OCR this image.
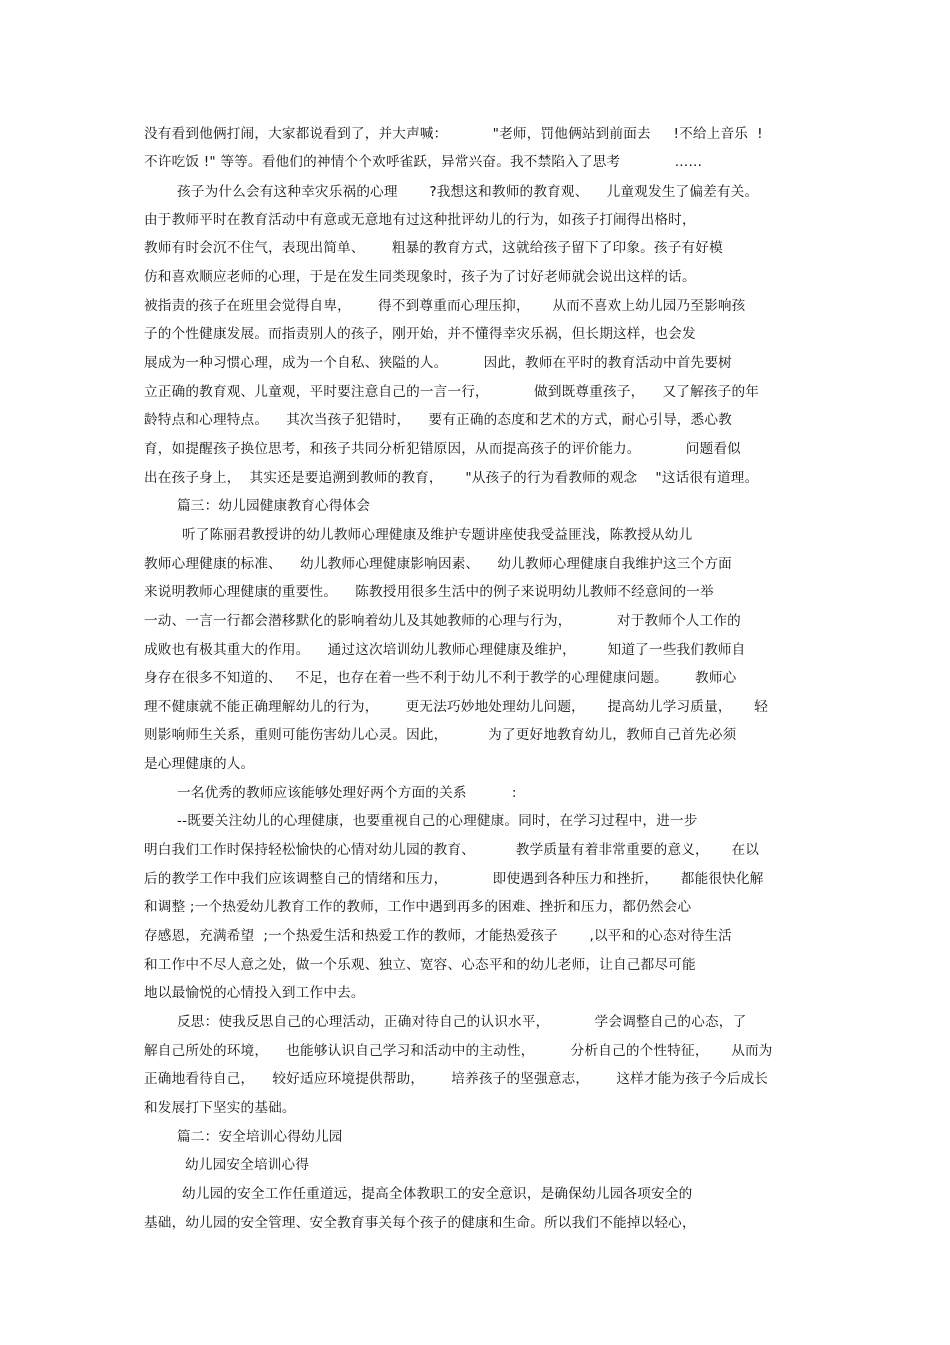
没有看到他俩打闹，大家都说看到了，并大声喊：          "老师，罚他俩站到前面去     !不给上音乐  !

不许吃饭 !" 等等。看他们的神情个个欢呼雀跃，异常兴奋。我不禁陷入了思考            ……

孩子为什么会有这种幸灾乐祸的心理       ?我想这和教师的教育观、    儿童观发生了偏差有关。

由于教师平时在教育活动中有意或无意地有过这种批评幼儿的行为，如孩子打闹得出格时，

教师有时会沉不住气，表现出简单、      粗暴的教育方式，这就给孩子留下了印象。孩子有好模

仿和喜欢顺应老师的心理，于是在发生同类现象时，孩子为了讨好老师就会说出这样的话。

被指责的孩子在班里会觉得自卑，      得不到尊重而心理压抑，     从而不喜欢上幼儿园乃至影响孩

子的个性健康发展。而指责别人的孩子，刚开始，并不懂得幸灾乐祸，但长期这样，也会发

展成为一种习惯心理，成为一个自私、狭隘的人。        因此，教师在平时的教育活动中首先要树

立正确的教育观、儿童观，平时要注意自己的一言一行，          做到既尊重孩子，    又了解孩子的年

龄特点和心理特点。    其次当孩子犯错时，    要有正确的态度和艺术的方式，耐心引导，悉心教

育，如提醒孩子换位思考，和孩子共同分析犯错原因，从而提高孩子的评价能力。          问题看似

出在孩子身上，  其实还是要追溯到教师的教育，     "从孩子的行为看教师的观念    "这话很有道理。

篇三：幼儿园健康教育心得体会

听了陈丽君教授讲的幼儿教师心理健康及维护专题讲座使我受益匪浅，陈教授从幼儿

教师心理健康的标准、    幼儿教师心理健康影响因素、    幼儿教师心理健康自我维护这三个方面

来说明教师心理健康的重要性。    陈教授用很多生活中的例子来说明幼儿教师不经意间的一举

一动、一言一行都会潜移默化的影响着幼儿及其她教师的心理与行为，          对于教师个人工作的

成败也有极其重大的作用。    通过这次培训幼儿教师心理健康及维护，       知道了一些我们教师自

身存在很多不知道的、   不足，也存在着一些不利于幼儿不利于教学的心理健康问题。      教师心

理不健康就不能正确理解幼儿的行为，      更无法巧妙地处理幼儿问题，     提高幼儿学习质量，     轻

则影响师生关系，重则可能伤害幼儿心灵。因此，         为了更好地教育幼儿，教师自己首先必须

是心理健康的人。

一名优秀的教师应该能够处理好两个方面的关系          :

--既要关注幼儿的心理健康，也要重视自己的心理健康。同时，在学习过程中，进一步

明白我们工作时保持轻松愉快的心情对幼儿园的教育、         教学质量有着非常重要的意义，     在以

后的教学工作中我们应该调整自己的情绪和压力，          即使遇到各种压力和挫折，     都能很快化解

和调整 ;一个热爱幼儿教育工作的教师，工作中遇到再多的困难、挫折和压力，都仍然会心

存感恩，充满希望  ;一个热爱生活和热爱工作的教师，才能热爱孩子       ,以平和的心态对待生活

和工作中不尽人意之处，做一个乐观、独立、宽容、心态平和的幼儿老师，让自己都尽可能

地以最愉悦的心情投入到工作中去。

反思：使我反思自己的心理活动，正确对待自己的认识水平，          学会调整自己的心态，了

解自己所处的环境，    也能够认识自己学习和活动中的主动性，        分析自己的个性特征，     从而为

正确地看待自己，    较好适应环境提供帮助，      培养孩子的坚强意志，      这样才能为孩子今后成长

和发展打下坚实的基础。

篇二：安全培训心得幼儿园

幼儿园安全培训心得

幼儿园的安全工作任重道远，提高全体教职工的安全意识，是确保幼儿园各项安全的

基础，幼儿园的安全管理、安全教育事关每个孩子的健康和生命。所以我们不能掉以轻心，
